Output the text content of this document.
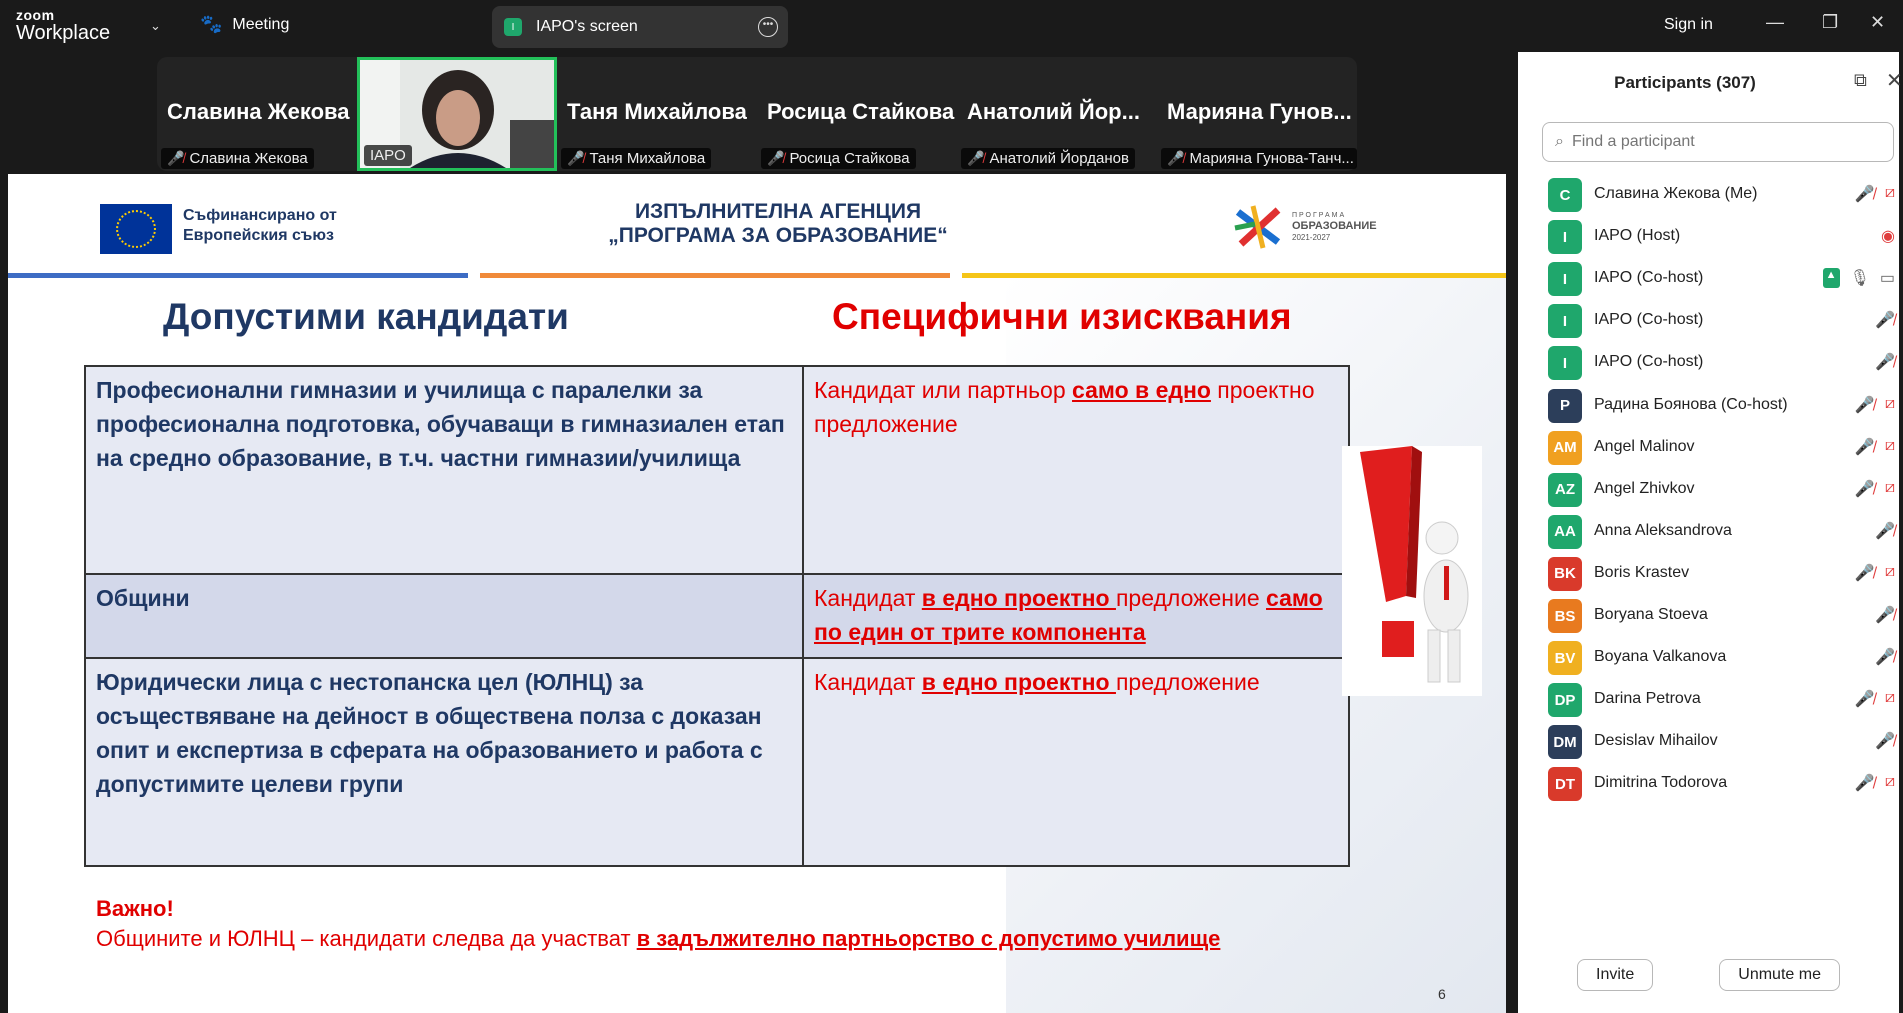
zoom
Workplace	⌄ 🐾 Meeting	I	IAPO's screen	•••	Sign in	— ❐ ✕
Славина Жекова
🎤̸ Славина Жекова	IAPO
Таня Михайлова
🎤̸ Таня Михайлова
Росица Стайкова
🎤̸ Росица Стайкова
Анатолий Йор...
🎤̸ Анатолий Йорданов
Марияна Гунов...
🎤̸ Марияна Гунова-Танч...
Съфинансирано от
Европейския съюз
ИЗПЪЛНИТЕЛНА АГЕНЦИЯ
„ПРОГРАМА ЗА ОБРАЗОВАНИЕ“
ПРОГРАМА
ОБРАЗОВАНИЕ
2021-2027
Допустими кандидати	Специфични изисквания
Професионални гимназии и училища с паралелки за професионална подготовка, обучаващи в гимназиален етап на средно образование, в т.ч. частни гимназии/училища	Кандидат или партньор само в едно проектно предложение
Общини	Кандидат в едно проектно предложение само по един от трите компонента
Юридически лица с нестопанска цел (ЮЛНЦ) за осъществяване на дейност в обществена полза с доказан опит и експертиза в сферата на образованието и работа с допустимите целеви групи	Кандидат в едно проектно предложение
Важно!
Общините и ЮЛНЦ – кандидати следва да участват в задължително партньорство с допустимо училище
6
Participants (307)	⧉ ✕
⌕
Find a participant
С	Славина Жекова (Me)	🎤̸ ⧄
I	IAPO (Host)	◉
I	IAPO (Co-host)	▲ 🎙 ▭
I	IAPO (Co-host)	🎤̸
I	IAPO (Co-host)	🎤̸
P	Радина Боянова (Co-host)	🎤̸ ⧄
AM	Angel Malinov	🎤̸ ⧄
AZ	Angel Zhivkov	🎤̸ ⧄
AA	Anna Aleksandrova	🎤̸
BK	Boris Krastev	🎤̸ ⧄
BS	Boryana Stoeva	🎤̸
BV	Boyana Valkanova	🎤̸
DP	Darina Petrova	🎤̸ ⧄
DM	Desislav Mihailov	🎤̸
DT	Dimitrina Todorova	🎤̸ ⧄
Invite	Unmute me
